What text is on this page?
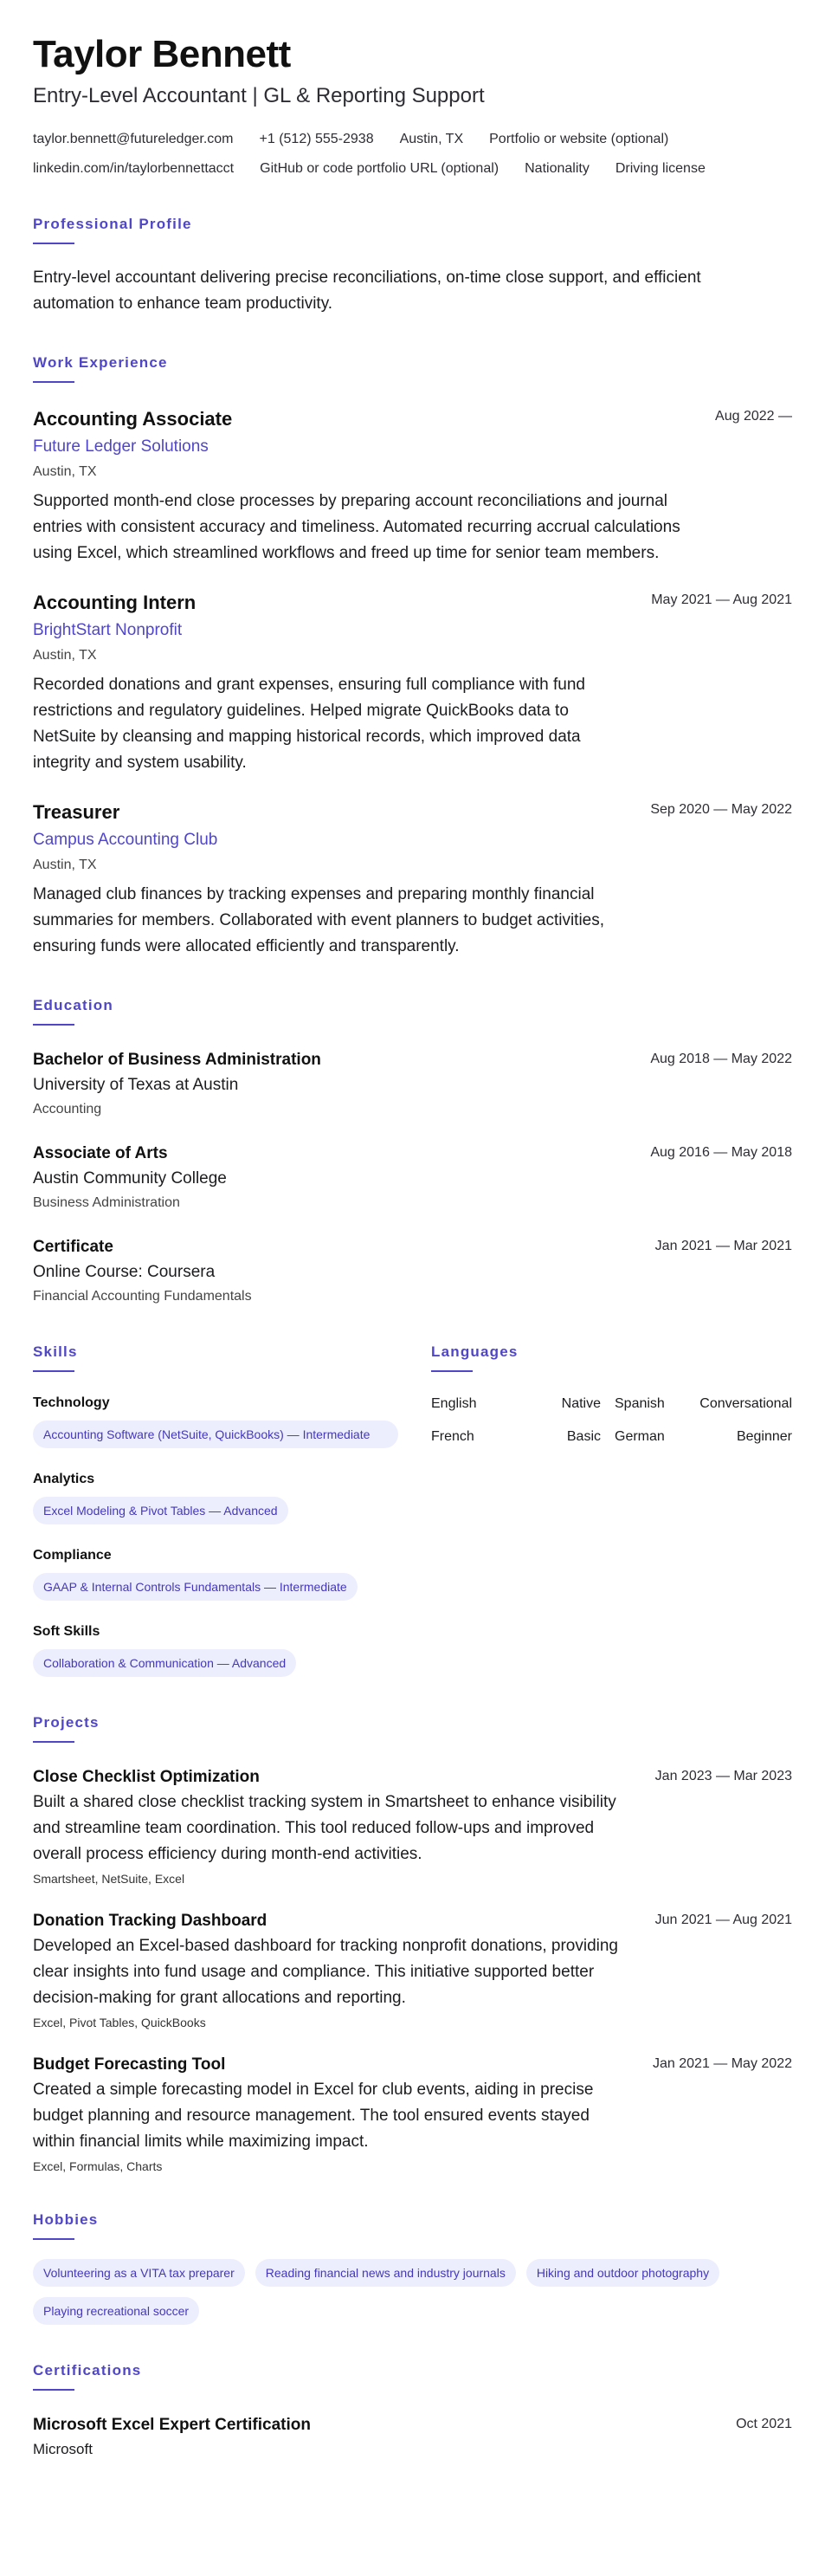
Taylor Bennett
Entry-Level Accountant | GL & Reporting Support
taylor.bennett@futureledger.com +1 (512) 555-2938 Austin, TX Portfolio or website (optional)
linkedin.com/in/taylorbennettacct GitHub or code portfolio URL (optional) Nationality Driving license
Professional Profile

Entry-level accountant delivering precise reconciliations, on-time close support, and efficient automation to enhance team productivity.

Work Experience
Aug 2022 —
Accounting Associate
Future Ledger Solutions
Austin, TX

Supported month-end close processes by preparing account reconciliations and journal entries with consistent accuracy and timeliness. Automated recurring accrual calculations using Excel, which streamlined workflows and freed up time for senior team members.

May 2021 — Aug 2021
Accounting Intern
BrightStart Nonprofit
Austin, TX

Recorded donations and grant expenses, ensuring full compliance with fund restrictions and regulatory guidelines. Helped migrate QuickBooks data to NetSuite by cleansing and mapping historical records, which improved data integrity and system usability.

Sep 2020 — May 2022
Treasurer
Campus Accounting Club
Austin, TX

Managed club finances by tracking expenses and preparing monthly financial summaries for members. Collaborated with event planners to budget activities, ensuring funds were allocated efficiently and transparently.

Education
Aug 2018 — May 2022
Bachelor of Business Administration
University of Texas at Austin
Accounting
Aug 2016 — May 2018
Associate of Arts
Austin Community College
Business Administration
Jan 2021 — Mar 2021
Certificate
Online Course: Coursera
Financial Accounting Fundamentals
Skills
Technology
Accounting Software (NetSuite, QuickBooks) — Intermediate
Analytics
Excel Modeling & Pivot Tables — Advanced
Compliance
GAAP & Internal Controls Fundamentals — Intermediate
Soft Skills
Collaboration & Communication — Advanced
Languages
English	Native	Spanish	Conversational
French	Basic	German	Beginner
Projects
Jan 2023 — Mar 2023
Close Checklist Optimization

Built a shared close checklist tracking system in Smartsheet to enhance visibility and streamline team coordination. This tool reduced follow-ups and improved overall process efficiency during month-end activities.

Smartsheet, NetSuite, Excel
Jun 2021 — Aug 2021
Donation Tracking Dashboard

Developed an Excel-based dashboard for tracking nonprofit donations, providing clear insights into fund usage and compliance. This initiative supported better decision-making for grant allocations and reporting.

Excel, Pivot Tables, QuickBooks
Jan 2021 — May 2022
Budget Forecasting Tool

Created a simple forecasting model in Excel for club events, aiding in precise budget planning and resource management. The tool ensured events stayed within financial limits while maximizing impact.

Excel, Formulas, Charts
Hobbies
Volunteering as a VITA tax preparer	Reading financial news and industry journals	Hiking and outdoor photography
Playing recreational soccer
Certifications
Oct 2021
Microsoft Excel Expert Certification
Microsoft
